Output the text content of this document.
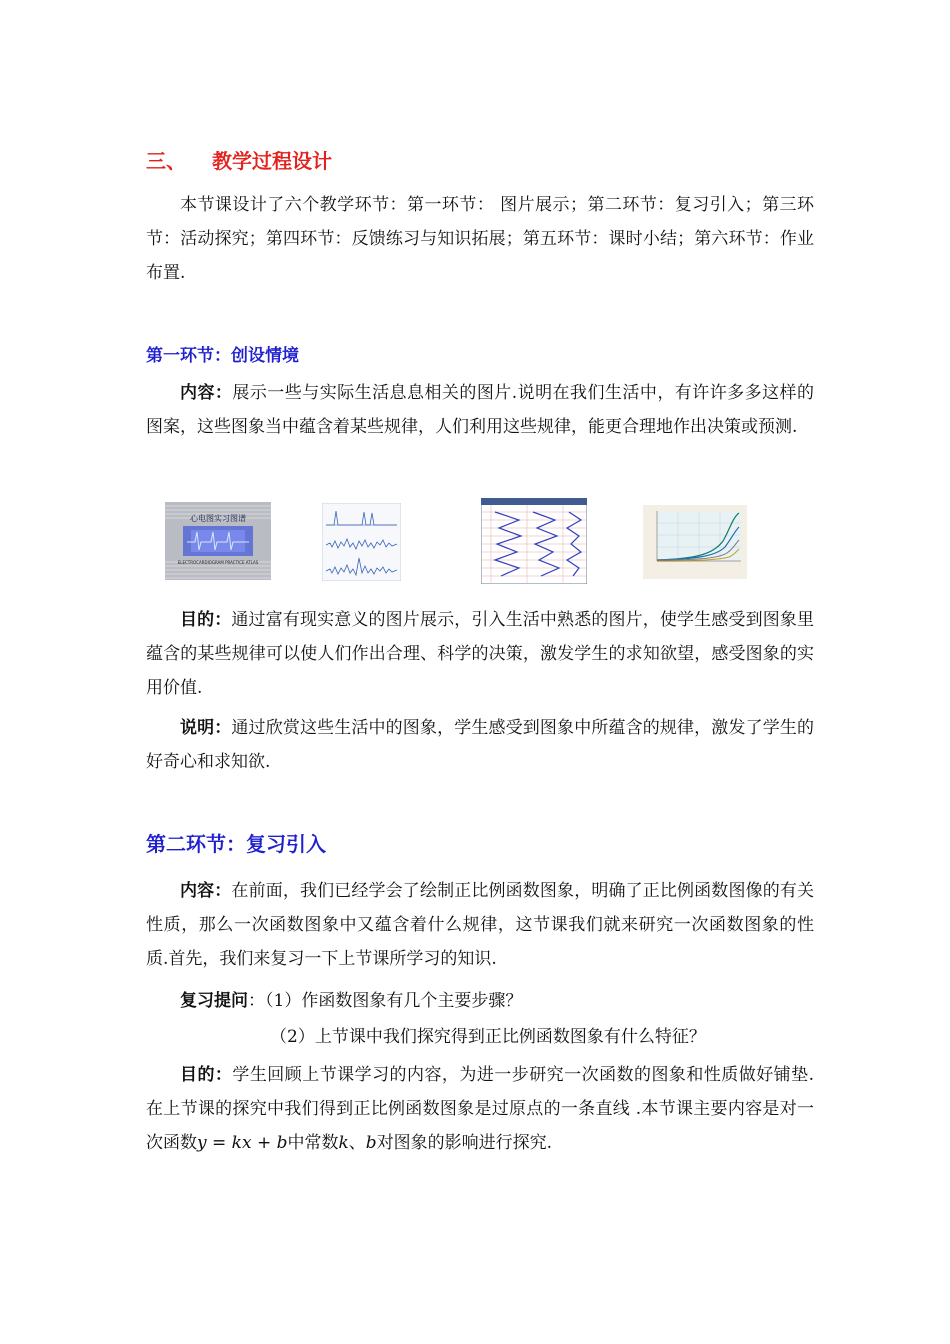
三、 教学过程设计

本节课设计了六个教学环节：第一环节： 图片展示；第二环节：复习引入；第三环节：活动探究；第四环节：反馈练习与知识拓展；第五环节：课时小结；第六环节：作业布置.

第一环节：创设情境

内容：展示一些与实际生活息息相关的图片.说明在我们生活中，有许许多多这样的图案，这些图象当中蕴含着某些规律，人们利用这些规律，能更合理地作出决策或预测.

心电图实习图谱
ELECTROCARDIOGRAM PRACTICE ATLAS

目的：通过富有现实意义的图片展示，引入生活中熟悉的图片，使学生感受到图象里蕴含的某些规律可以使人们作出合理、科学的决策，激发学生的求知欲望，感受图象的实用价值.

说明：通过欣赏这些生活中的图象，学生感受到图象中所蕴含的规律，激发了学生的好奇心和求知欲.

第二环节：复习引入

内容：在前面，我们已经学会了绘制正比例函数图象，明确了正比例函数图像的有关性质，那么一次函数图象中又蕴含着什么规律，这节课我们就来研究一次函数图象的性质.首先，我们来复习一下上节课所学习的知识.

复习提问：（1）作函数图象有几个主要步骤？

（2）上节课中我们探究得到正比例函数图象有什么特征？

目的：学生回顾上节课学习的内容，为进一步研究一次函数的图象和性质做好铺垫.在上节课的探究中我们得到正比例函数图象是过原点的一条直线 .本节课主要内容是对一次函数y = kx + b中常数k、b对图象的影响进行探究.
